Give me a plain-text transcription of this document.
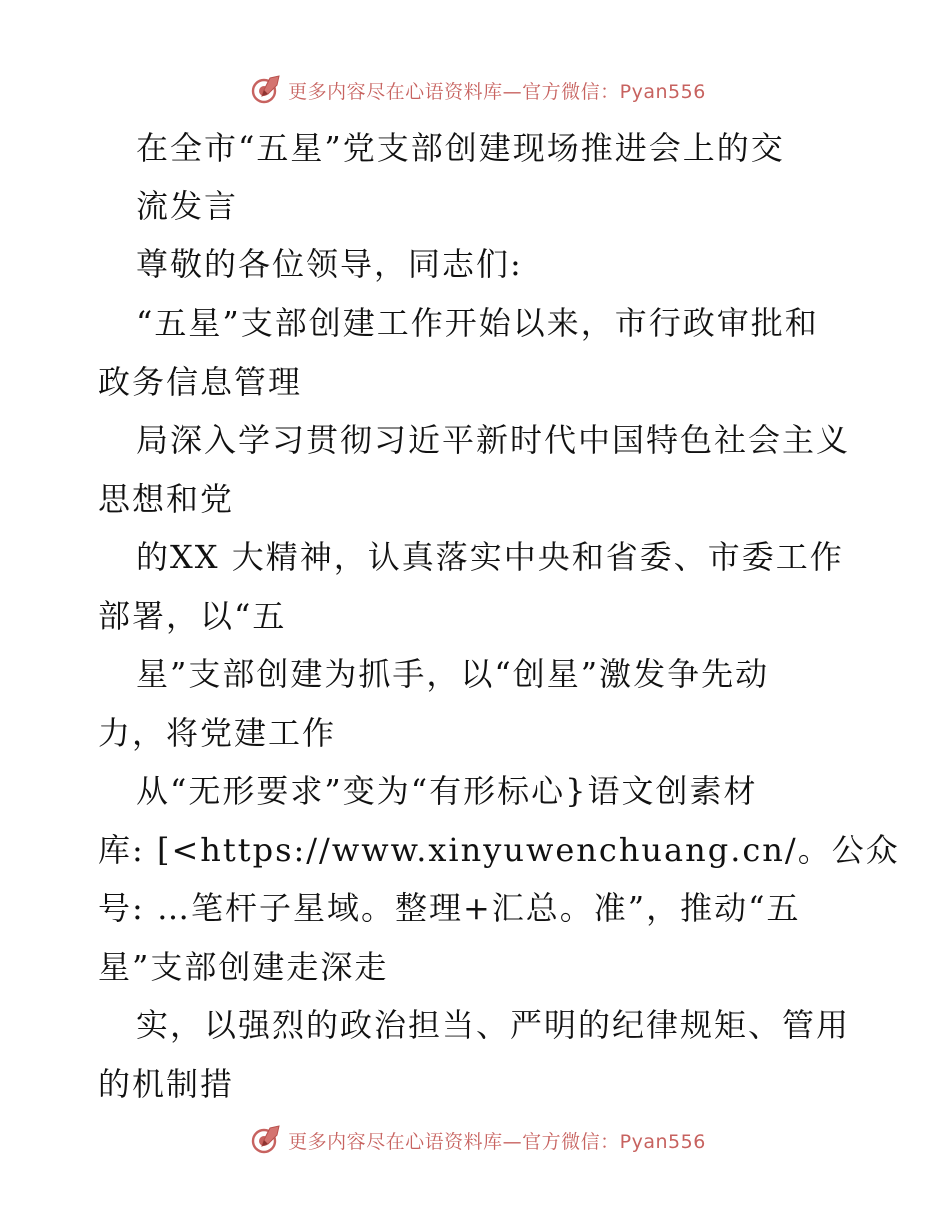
更多内容尽在心语资料库—官方微信：Pyan556
在全市“五星”党支部创建现场推进会上的交
流发言
尊敬的各位领导，同志们:
“五星”支部创建工作开始以来，市行政审批和
政务信息管理
局深入学习贯彻习近平新时代中国特色社会主义
思想和党
的XX 大精神，认真落实中央和省委、市委工作
部署，以“五
星”支部创建为抓手，以“创星”激发争先动
力，将党建工作
从“无形要求”变为“有形标心}语文创素材
库: [<https://www.xinyuwenchuang.cn/。公众
号: …笔杆子星域。整理+汇总。准”，推动“五
星”支部创建走深走
实，以强烈的政治担当、严明的纪律规矩、管用
的机制措
更多内容尽在心语资料库—官方微信：Pyan556
